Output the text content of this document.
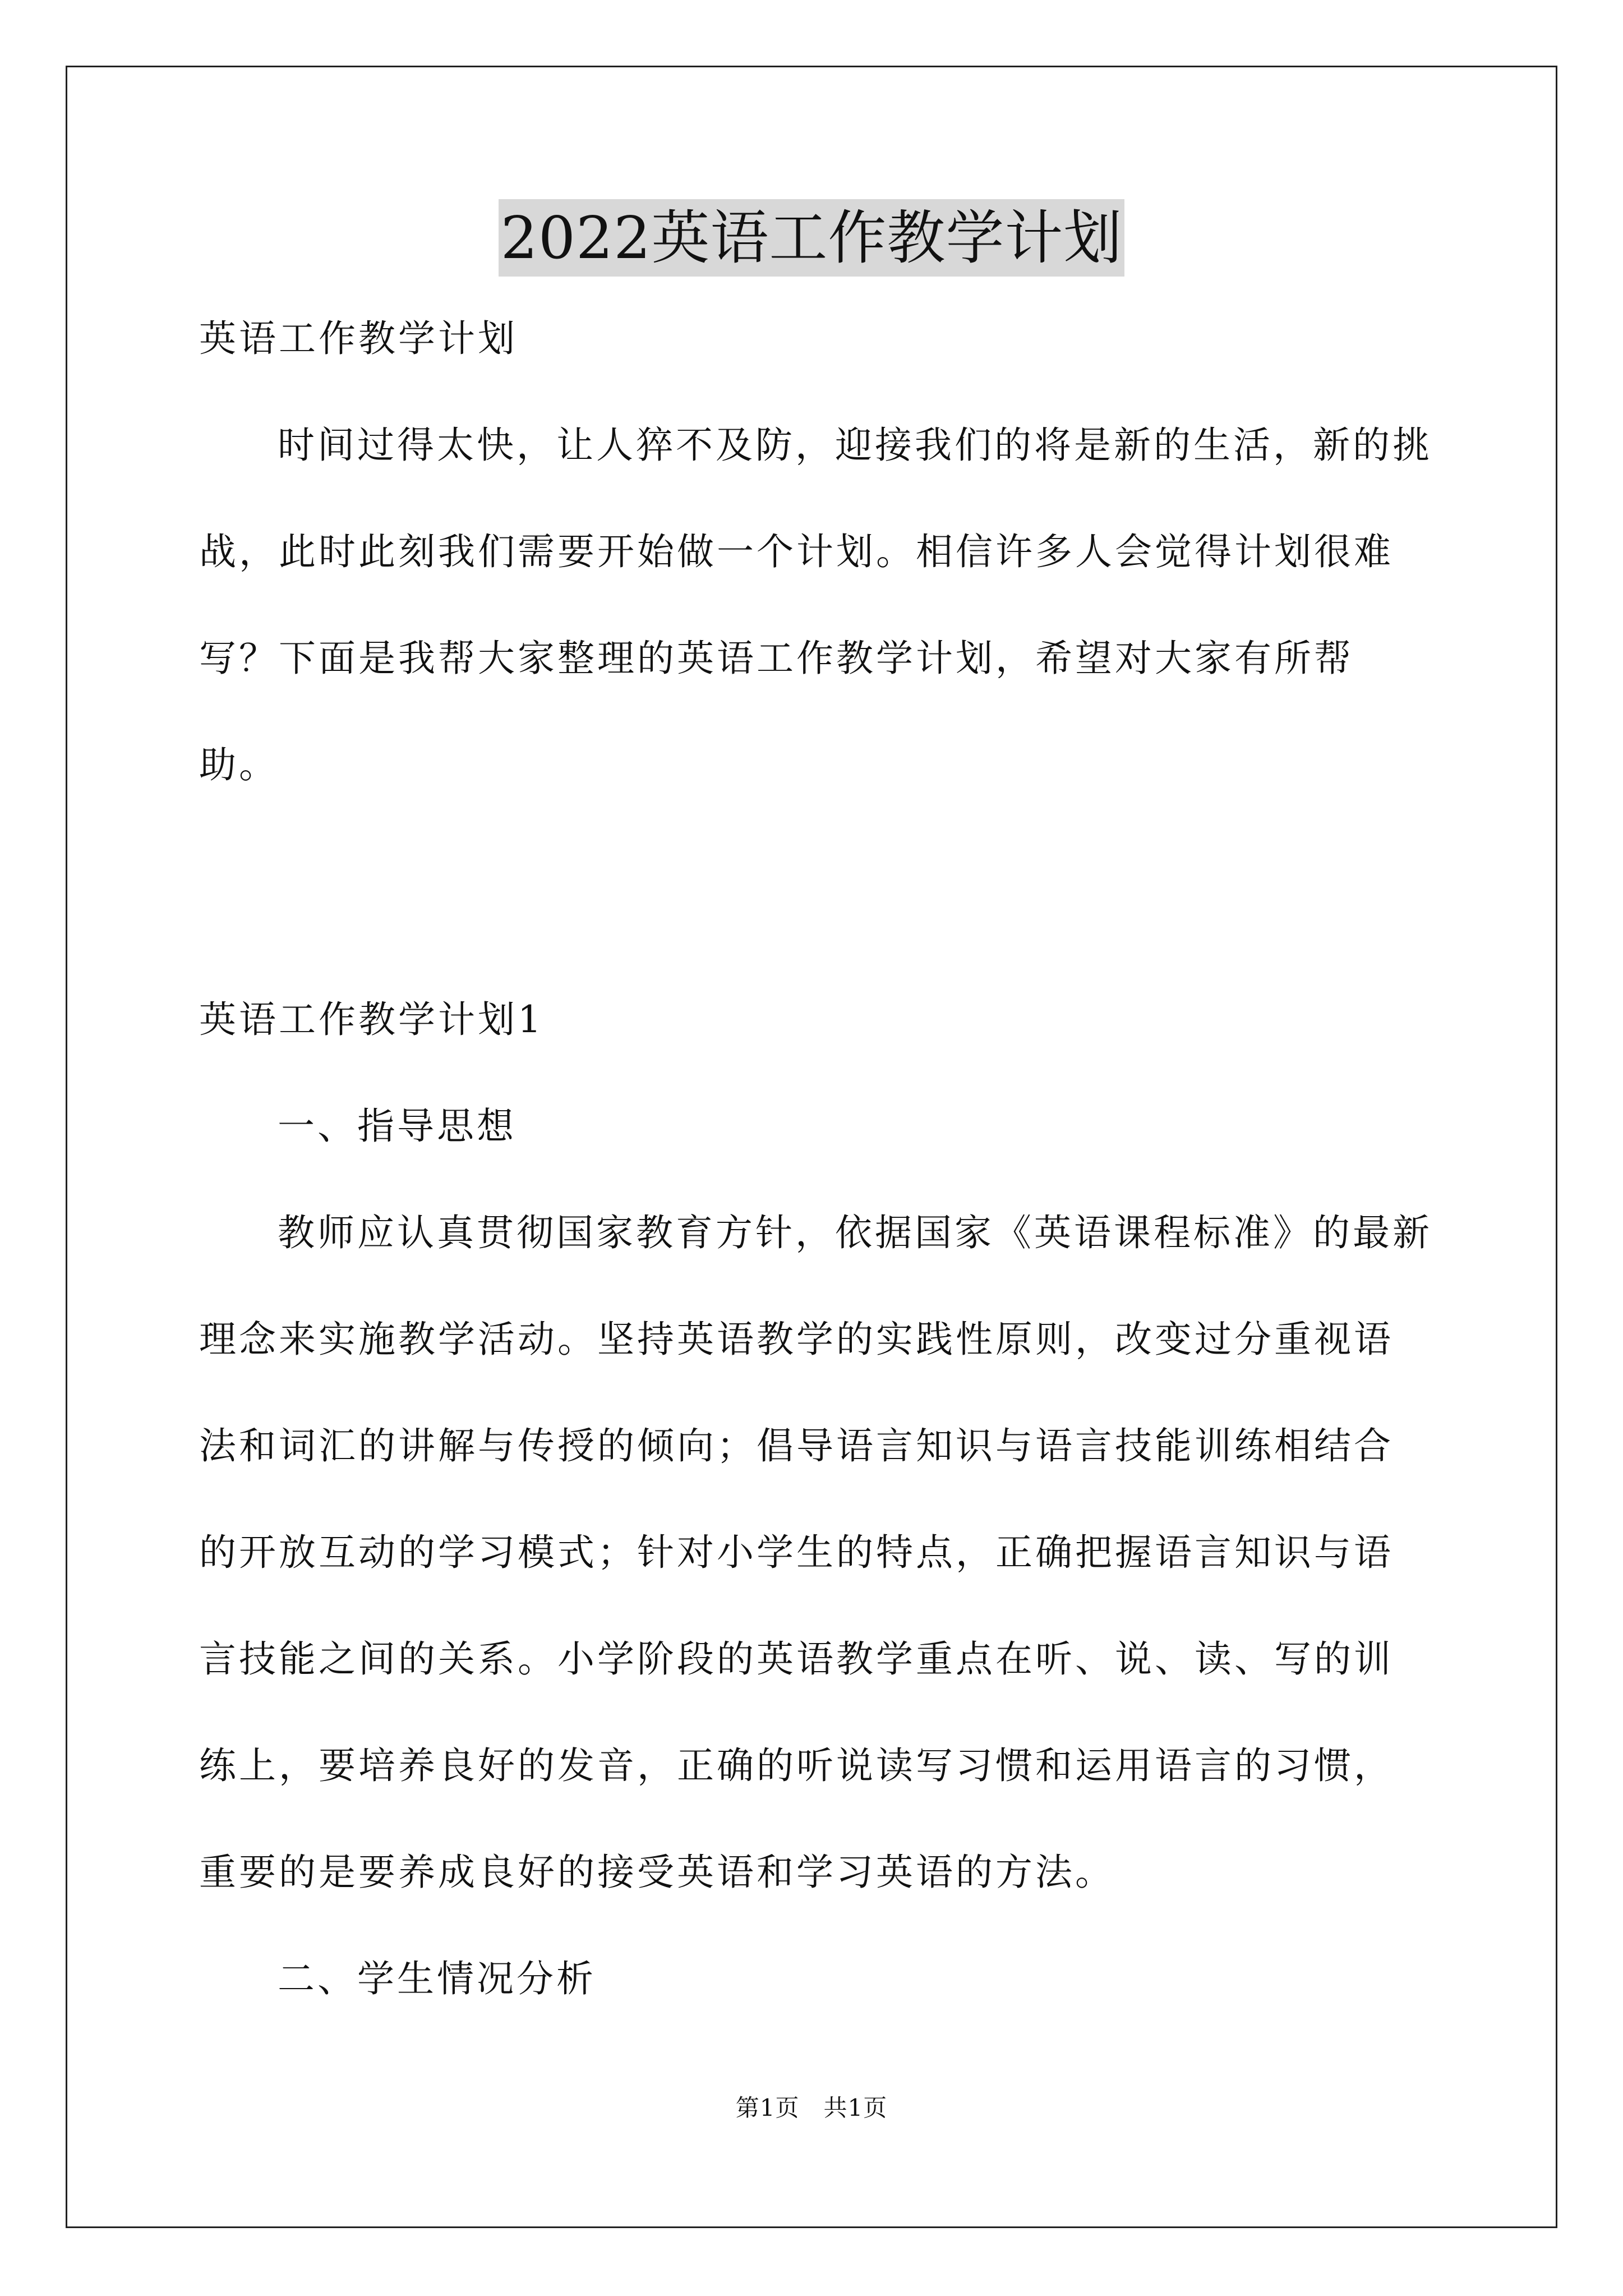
2022英语工作教学计划

英语工作教学计划

时间过得太快，让人猝不及防，迎接我们的将是新的生活，新的挑战，此时此刻我们需要开始做一个计划。相信许多人会觉得计划很难写？下面是我帮大家整理的英语工作教学计划，希望对大家有所帮助。

英语工作教学计划1

一、指导思想

教师应认真贯彻国家教育方针，依据国家《英语课程标准》的最新理念来实施教学活动。坚持英语教学的实践性原则，改变过分重视语法和词汇的讲解与传授的倾向；倡导语言知识与语言技能训练相结合的开放互动的学习模式；针对小学生的特点，正确把握语言知识与语言技能之间的关系。小学阶段的英语教学重点在听、说、读、写的训练上，要培养良好的发音，正确的听说读写习惯和运用语言的习惯，重要的是要养成良好的接受英语和学习英语的方法。

二、学生情况分析

第1页　共1页
